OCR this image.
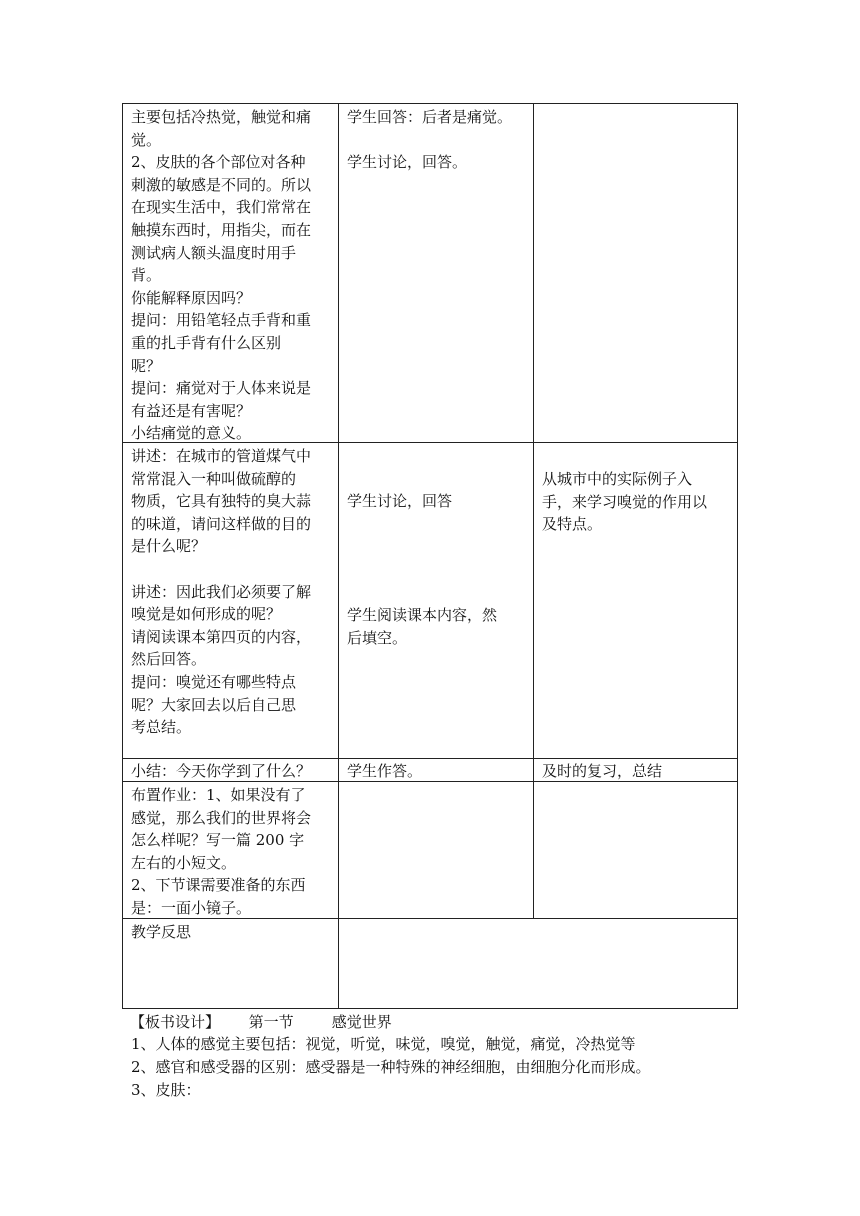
主要包括冷热觉，触觉和痛
觉。
2、皮肤的各个部位对各种
刺激的敏感是不同的。所以
在现实生活中，我们常常在
触摸东西时，用指尖，而在
测试病人额头温度时用手
背。
你能解释原因吗？
提问：用铅笔轻点手背和重
重的扎手背有什么区别
呢？
提问：痛觉对于人体来说是
有益还是有害呢？
小结痛觉的意义。
学生回答：后者是痛觉。

学生讨论，回答。
讲述：在城市的管道煤气中
常常混入一种叫做硫醇的
物质，它具有独特的臭大蒜
的味道，请问这样做的目的
是什么呢？

讲述：因此我们必须要了解
嗅觉是如何形成的呢？
请阅读课本第四页的内容，
然后回答。
提问：嗅觉还有哪些特点
呢？大家回去以后自己思
考总结。
学生讨论，回答
学生阅读课本内容，然
后填空。
从城市中的实际例子入
手，来学习嗅觉的作用以
及特点。
小结：今天你学到了什么？	学生作答。	及时的复习，总结
布置作业：1、如果没有了
感觉，那么我们的世界将会
怎么样呢？写一篇 200 字
左右的小短文。
2、下节课需要准备的东西
是：一面小镜子。
教学反思
【板书设计】      第一节        感觉世界
1、人体的感觉主要包括：视觉，听觉，味觉，嗅觉，触觉，痛觉，冷热觉等
2、感官和感受器的区别：感受器是一种特殊的神经细胞，由细胞分化而形成。
3、皮肤：
